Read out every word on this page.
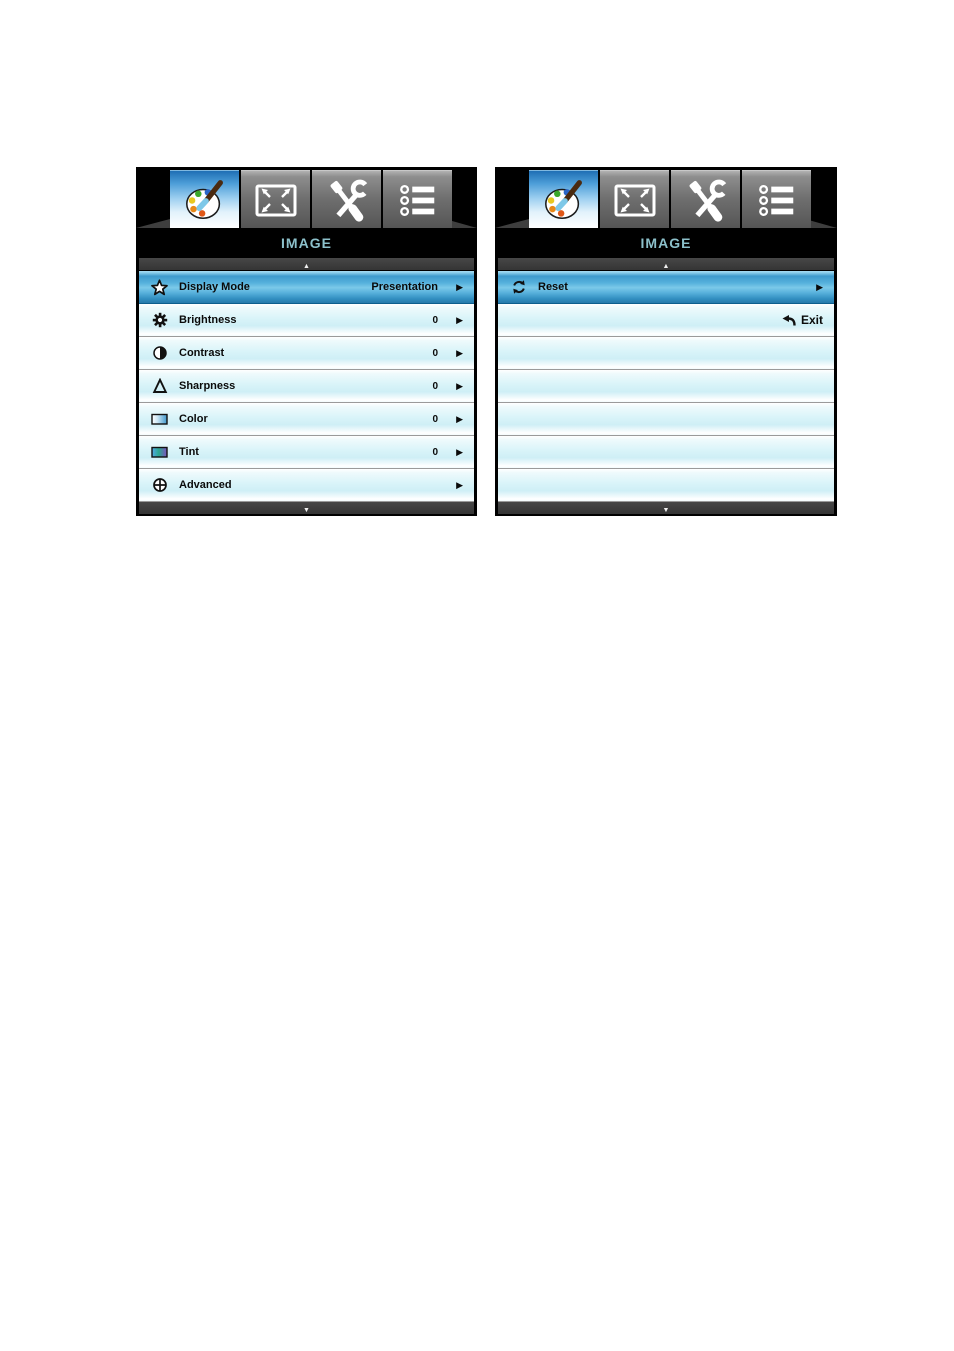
IMAGE
▲
Display Mode	Presentation ▶
Brightness	0 ▶
Contrast	0 ▶
Sharpness	0 ▶
Color	0 ▶
Tint	0 ▶
Advanced	▶
▼
IMAGE
▲
Reset	▶
Exit
▼
